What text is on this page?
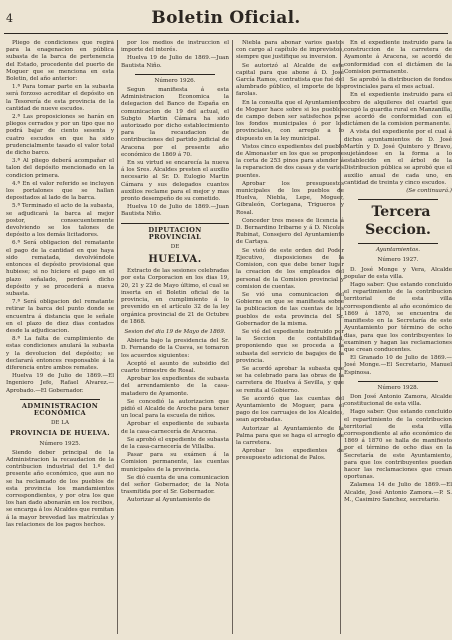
4	Boletin Oficial.

Pliego de condiciones que regirá para la enagenacion en pública subasta de la barca de pertenencia del Estado, procedente del puerto de Moguer que se menciona en esta Boletin, del año anterior:

1.ª Para tomar parte en la subasta será forzoso acreditar el depósito en la Tesorería de esta provincia de la cantidad de nueve escudos.

2.ª Las proposiciones se harán en pliegos cerrados y por un tipo que no podrá bajar de ciento sesenta y cuatro escudos en que ha sido prudencialmente tasado el valor total de dicho barco.

3.ª Al pliego deberá acompañar el talon del depósito mencionado en la condicion primera.

4.ª En el valor referido se incluyen los portalones que se hallan depositados al lado de la barca.

5.ª Terminado el acto de la subasta, se adjudicará la barca al mejor postor, consecuentemente devolviendo se los talones de depósito a los demás licitadores.

6.ª Será obligacion del rematante el pago de la cantidad en que haya sido rematada, devolviéndole entonces el depósito provisional que hubiese; si no hiciere el pago en el plazo señalado, perderá dicho depósito y se procederá a nueva subasta.

7.ª Será obligacion del rematante retirar la barca del punto donde se encuentra á distancia que le señale en el plazo de diez dias contados desde la adjudicacion.

8.ª La falta de cumplimiento de estas condiciones anulará la subasta y la devolucion del depósito; se declarará entonces responsable á la diferencia entre ambos remates.

Huelva 19 de Julio de 1869.—El Ingeniero Jefe, Rafael Alvarez.—Aprobado.—El Gobernador.

ADMINISTRACION ECONÓMICA

DE LA

PROVINCIA DE HUELVA.

Número 1925.

Siendo deber principal de la Administracion la recaudacion de la contribucion industrial del 1.º del presente año económico, que aun no se ha reclamado de los pueblos de esta provincia los mandamientos correspondientes, y por otra los que los han dado abonarán en los recibos, se encarga á los Alcaldes que remitan á la mayor brevedad las matrículas y las relaciones de los pagos hechos.

por los medios de instruccion el importe del interés.

Huelva 19 de Julio de 1869.—Juan Bautista Niño.

Número 1926.

Segun manifiesta á esta Administracion Economica la delegacion del Banco de España en comunicacion de 19 del actual, el Subgto Martin Cámara ha sido autorizado por dicho establecimiento para la recaudacion de contribuciones del partido judicial de Aracena por el presente año económico de 1869 á 70.

En su virtud se encarecía la nueva á los Sres. Alcaldes presten el auxilio necesario al Sr. D. Eulogio Martin Cámara y sus delegados cuantos auxilios reclame para el mejor y mas pronto desempeño de su cometido.

Huelva 10 de Julio de 1869.—Juan Bautista Niño.

DIPUTACION PROVINCIAL

DE

HUELVA.

Extracto de las sesiones celebradas por esta Corporacion en los dias 19, 20, 21 y 22 de Mayo último, el cual se inserta en el Boletin oficial de la provincia, en cumplimiento á lo prevenido en el artículo 32 de la ley orgánica provincial de 21 de Octubre de 1868.

Sesion del dia 19 de Mayo de 1869.

Abierta bajo la presidencia del Sr. D. Fernando de la Cueva, se tomaron los acuerdos siguientes:

Aceptó el asunto de subsidio del cuarto trimestre de Rosal.

Aprobar los expedientes de subasta del arrendamiento de la casa-matadero de Ayamonte.

Se concedió la autorizacion que pidió el Alcalde de Aroche para tener un local para la escuela de niños.

Aprobar el expediente de subasta de la casa-carnecería de Aracena.

Se aprobó el expediente de subasta de la casa-carnecería de Villalba.

Pasar para su exámen á la Comision permanente, las cuentas municipales de la provincia.

Se dió cuenta de una comunicacion del señor Gobernador, de la Nota trasmitida por el Sr. Gobernador.

Autorizar al Ayuntamiento de

Niebla para abonar varios gastos con cargo al capítulo de imprevistos, siempre que justifique su inversion.

Se autorizó al Alcalde de este capital para que abone á D. José García Ramos, contratista que fué del alumbrado público, el importe de los farolas.

En la consulta que el Ayuntamiento de Moguer hace sobre si los pueblos de campo deben ser satisfechos por los fondos municipales ó por los provinciales, con arreglo a lo dispuesto en la ley municipal.

Vistos cinco expedientes del pueblo de Almonaster en los que se propone la corta de 253 pinos para atender á la reparacion de dos casas y de varios puentes.

Aprobar los presupuestos municipales de los pueblos de Huelva, Niebla, Lepe, Moguer, Gibraleón, Cortegana, Trigueros y Rosal.

Conceder tres meses de licencia á D. Bernardino Iribarne y á D. Nicolas Rubinat, Consejero del Ayuntamiento de Cartaya.

Se vistó de este orden del Poder Ejecutivo, disposiciones de la Comision, con que debe tener lugar la creacion de los empleados del personal de la Comision provincial y comision de cuentas.

Se vió una comunicacion del Gobierno en que se manifiesta sobre la publicacion de las cuentas de los pueblos de esta provincia del Sr. Gobernador de la misma.

Se vió del expediente instruido por la Seccion de contabilidad, proponiendo que se proceda a la subasta del servicio de bagajes de la provincia.

Se acordó aprobar la subasta que se ha celebrado para las obras de la carretera de Huelva á Sevilla, y que se remita al Gobierno.

Se acordó que las cuentas del Ayuntamiento de Moguer, para el pago de los carruajes de los Alcaldes, sean aprobadas.

Autorizar al Ayuntamiento de la Palma para que se haga el arreglo de la carretera.

Aprobar los expedientes de presupuesto adicional de Palos.

En el expediente instruido para la construccion de la carretera de Ayamonte á Aracena, se acordó de conformidad con el dictámen de la Comision permanente.

Se aprobó la distribucion de fondos provinciales para el mes actual.

En el expediente instruido para el cobro de alquileres del cuartel que ocupó la guardia rural en Manzanilla, se acordó de conformidad con el dictámen de la comision permanente.

A vista del expediente por el cual á dichos ayuntamientos de D. José Martín y D. José Quintero y Bravo, sujetándose en la forma a lo establecido en el árbol de la Distribucion pública se aprobó que el auxilio anual de cada uno, en cantidad de treinta y cinco escudos.

(Se continuará.)

Tercera Seccion.

Ayuntamientos.

Número 1927.

D. José Monge y Vera, Alcalde popular de esta villa.

Hago saber: Que estando concluido el repartimiento de la contribucion territorial de esta villa correspondiente al año económico de 1869 á 1870, se encuentra de manifiesto en la Secretaría de este Ayuntamiento por término de ocho dias, para que los contribuyentes lo examinen y hagan las reclamaciones que crean conducentes.

El Granado 10 de Julio de 1869.—José Monge.—El Secretario, Manuel Espinosa.

Número 1928.

Don José Antonio Zamora, Alcalde constitucional de esta villa.

Hago saber: Que estando concluido el repartimiento de la contribucion territorial de esta villa correspondiente al año económico de 1869 á 1870 se halla de manifiesto por el término de ocho dias en la Secretaría de este Ayuntamiento, para que los contribuyentes puedan hacer las reclamaciones que crean oportunas.

Zalamea 14 de Julio de 1869.—El Alcalde, José Antonio Zamora.—P. S. M., Casimiro Sanchez, secretario.
